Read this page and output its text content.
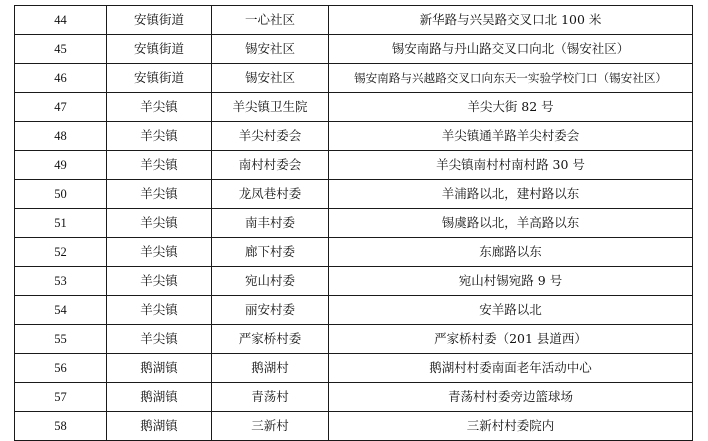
44	安镇街道	一心社区	新华路与兴吴路交叉口北 100 米
45	安镇街道	锡安社区	锡安南路与丹山路交叉口向北（锡安社区）
46	安镇街道	锡安社区	锡安南路与兴越路交叉口向东天一实验学校门口（锡安社区）
47	羊尖镇	羊尖镇卫生院	羊尖大街 82 号
48	羊尖镇	羊尖村委会	羊尖镇通羊路羊尖村委会
49	羊尖镇	南村村委会	羊尖镇南村村南村路 30 号
50	羊尖镇	龙凤巷村委	羊浦路以北，建村路以东
51	羊尖镇	南丰村委	锡虞路以北，羊高路以东
52	羊尖镇	廊下村委	东廊路以东
53	羊尖镇	宛山村委	宛山村锡宛路 9 号
54	羊尖镇	丽安村委	安羊路以北
55	羊尖镇	严家桥村委	严家桥村委（201 县道西）
56	鹅湖镇	鹅湖村	鹅湖村村委南面老年活动中心
57	鹅湖镇	青荡村	青荡村村委旁边篮球场
58	鹅湖镇	三新村	三新村村委院内
